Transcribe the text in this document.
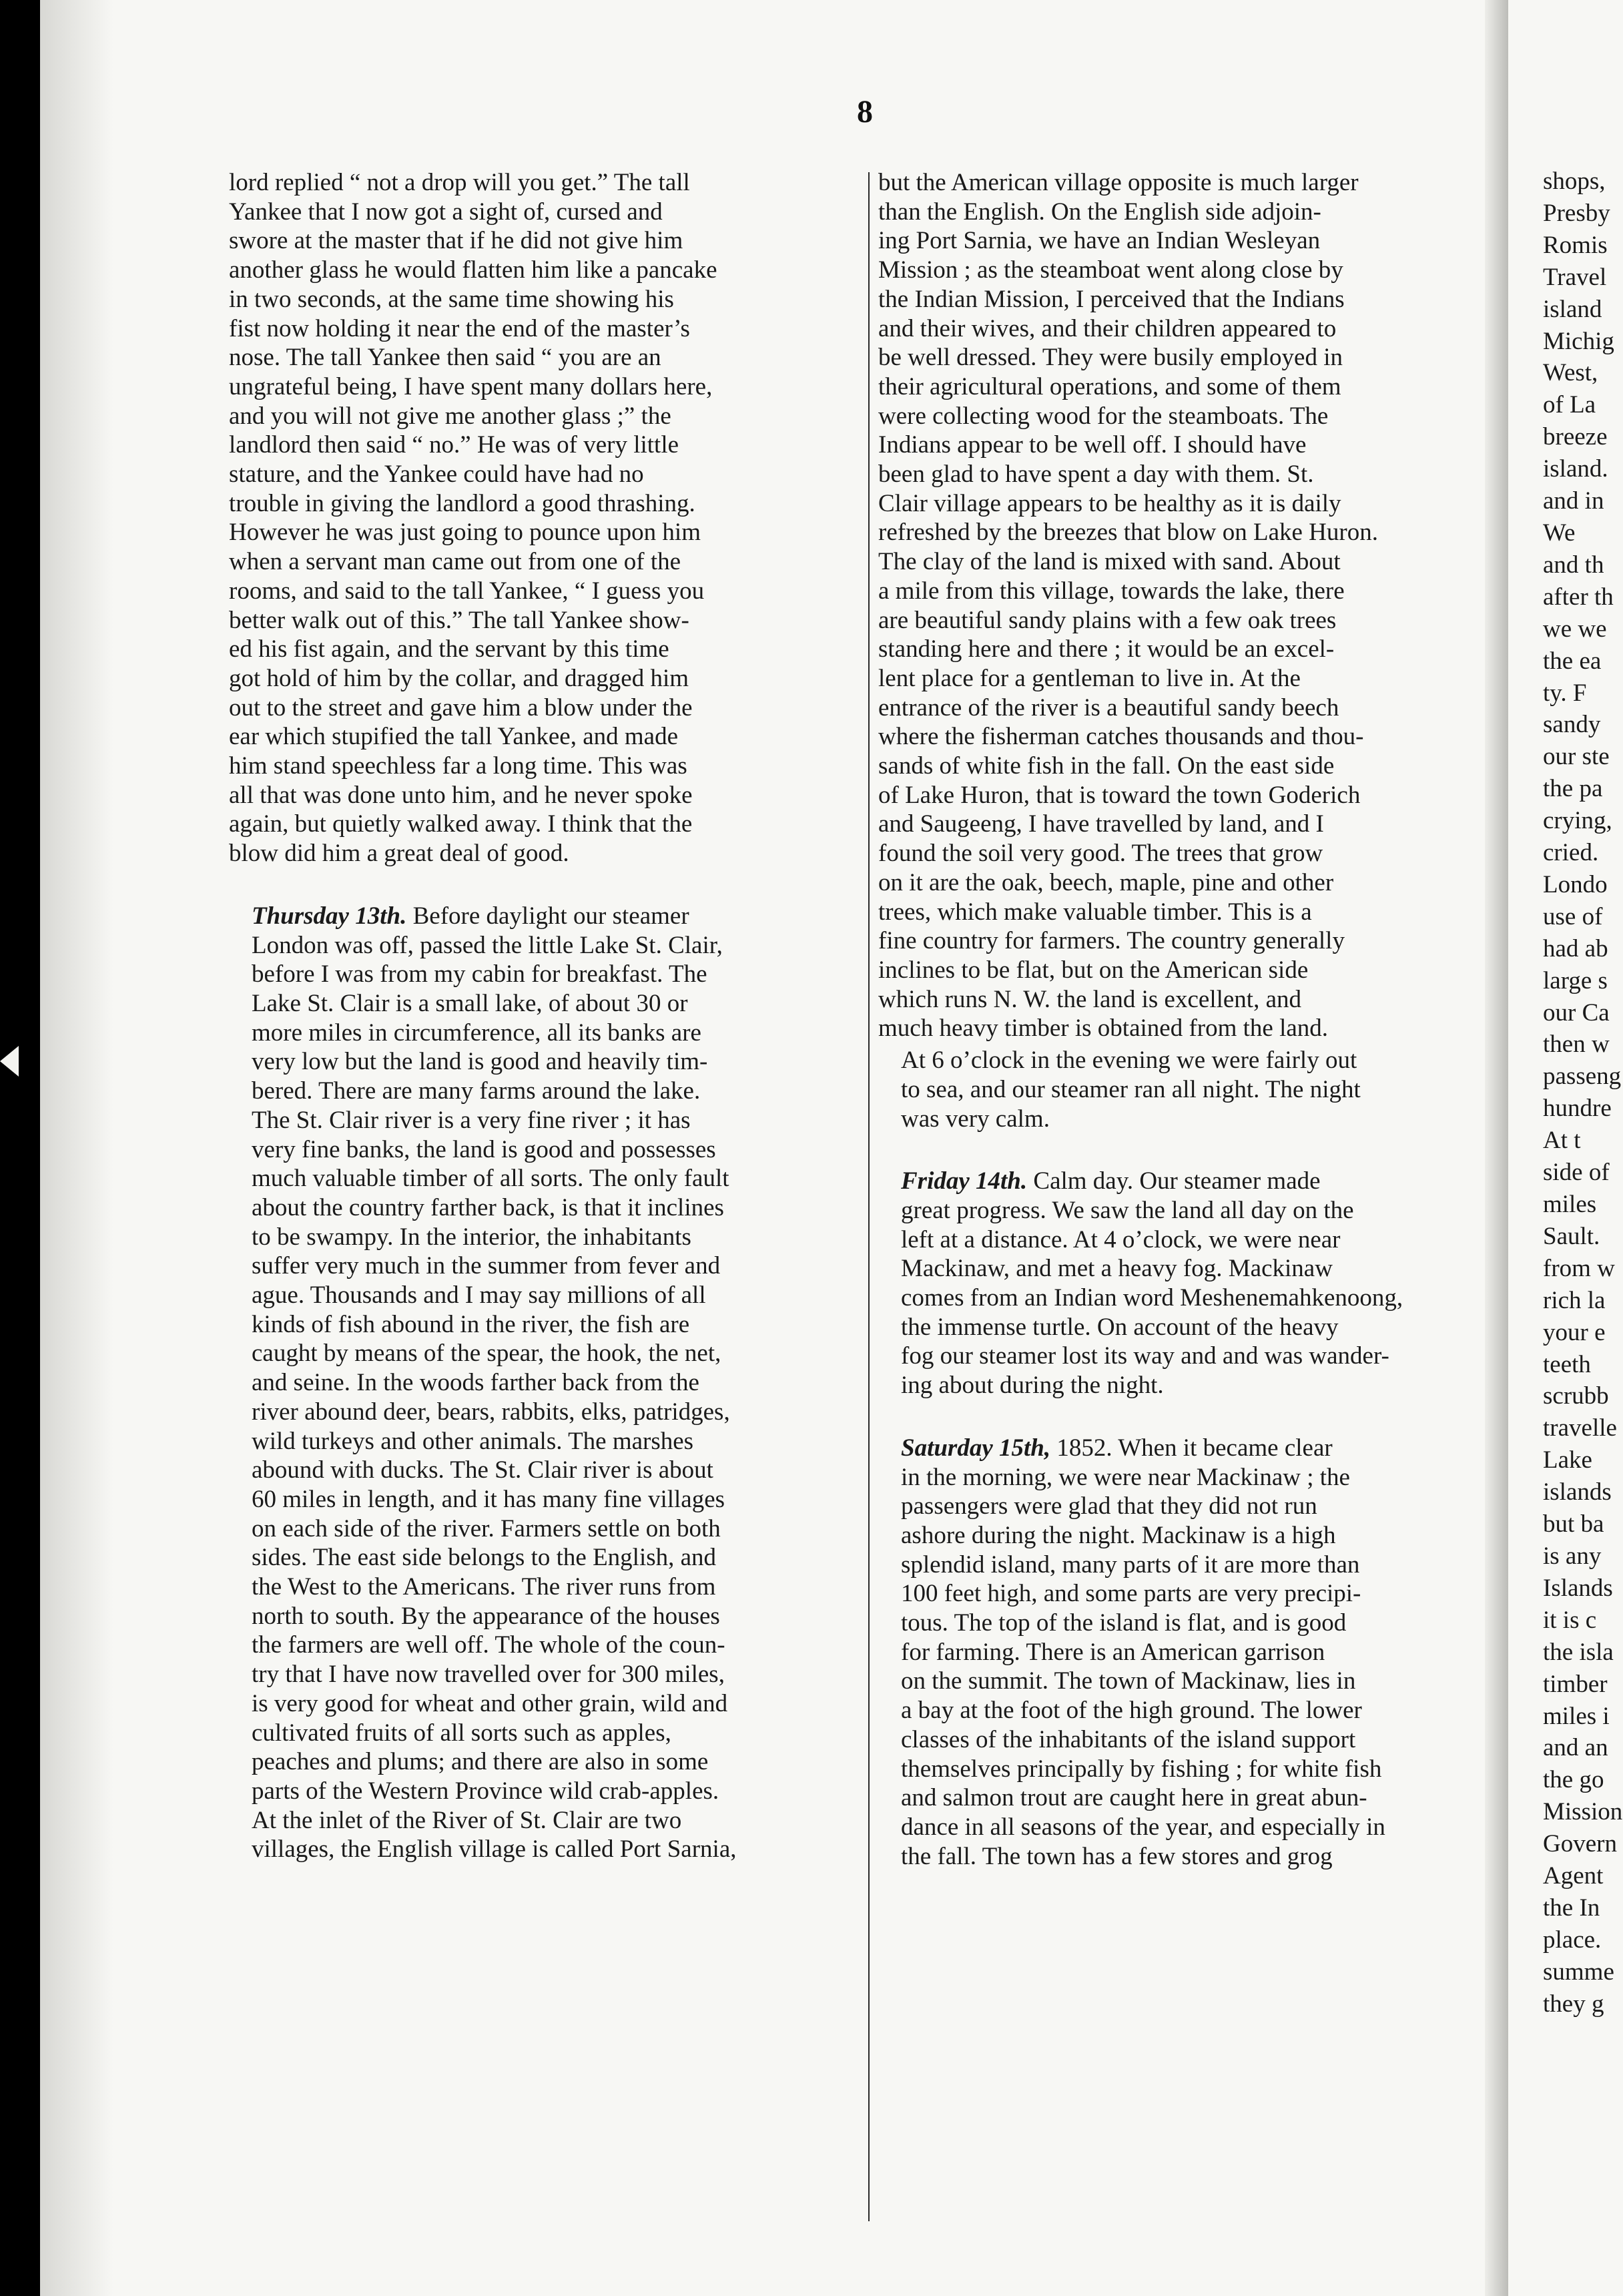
8

lord replied “ not a drop will you get.” The tall
Yankee that I now got a sight of, cursed and
swore at the master that if he did not give him
another glass he would flatten him like a pancake
in two seconds, at the same time showing his
fist now holding it near the end of the master’s
nose. The tall Yankee then said “ you are an
ungrateful being, I have spent many dollars here,
and you will not give me another glass ;” the
landlord then said “ no.” He was of very little
stature, and the Yankee could have had no
trouble in giving the landlord a good thrashing.
However he was just going to pounce upon him
when a servant man came out from one of the
rooms, and said to the tall Yankee, “ I guess you
better walk out of this.” The tall Yankee show-
ed his fist again, and the servant by this time
got hold of him by the collar, and dragged him
out to the street and gave him a blow under the
ear which stupified the tall Yankee, and made
him stand speechless far a long time. This was
all that was done unto him, and he never spoke
again, but quietly walked away. I think that the
blow did him a great deal of good.

Thursday 13th. Before daylight our steamer
London was off, passed the little Lake St. Clair,
before I was from my cabin for breakfast. The
Lake St. Clair is a small lake, of about 30 or
more miles in circumference, all its banks are
very low but the land is good and heavily tim-
bered. There are many farms around the lake.
The St. Clair river is a very fine river ; it has
very fine banks, the land is good and possesses
much valuable timber of all sorts. The only fault
about the country farther back, is that it inclines
to be swampy. In the interior, the inhabitants
suffer very much in the summer from fever and
ague. Thousands and I may say millions of all
kinds of fish abound in the river, the fish are
caught by means of the spear, the hook, the net,
and seine. In the woods farther back from the
river abound deer, bears, rabbits, elks, patridges,
wild turkeys and other animals. The marshes
abound with ducks. The St. Clair river is about
60 miles in length, and it has many fine villages
on each side of the river. Farmers settle on both
sides. The east side belongs to the English, and
the West to the Americans. The river runs from
north to south. By the appearance of the houses
the farmers are well off. The whole of the coun-
try that I have now travelled over for 300 miles,
is very good for wheat and other grain, wild and
cultivated fruits of all sorts such as apples,
peaches and plums; and there are also in some
parts of the Western Province wild crab-apples.
At the inlet of the River of St. Clair are two
villages, the English village is called Port Sarnia,

but the American village opposite is much larger
than the English. On the English side adjoin-
ing Port Sarnia, we have an Indian Wesleyan
Mission ; as the steamboat went along close by
the Indian Mission, I perceived that the Indians
and their wives, and their children appeared to
be well dressed. They were busily employed in
their agricultural operations, and some of them
were collecting wood for the steamboats. The
Indians appear to be well off. I should have
been glad to have spent a day with them. St.
Clair village appears to be healthy as it is daily
refreshed by the breezes that blow on Lake Huron.
The clay of the land is mixed with sand. About
a mile from this village, towards the lake, there
are beautiful sandy plains with a few oak trees
standing here and there ; it would be an excel-
lent place for a gentleman to live in. At the
entrance of the river is a beautiful sandy beech
where the fisherman catches thousands and thou-
sands of white fish in the fall. On the east side
of Lake Huron, that is toward the town Goderich
and Saugeeng, I have travelled by land, and I
found the soil very good. The trees that grow
on it are the oak, beech, maple, pine and other
trees, which make valuable timber. This is a
fine country for farmers. The country generally
inclines to be flat, but on the American side
which runs N. W. the land is excellent, and
much heavy timber is obtained from the land.

At 6 o’clock in the evening we were fairly out
to sea, and our steamer ran all night. The night
was very calm.

Friday 14th. Calm day. Our steamer made
great progress. We saw the land all day on the
left at a distance. At 4 o’clock, we were near
Mackinaw, and met a heavy fog. Mackinaw
comes from an Indian word Meshenemahkenoong,
the immense turtle. On account of the heavy
fog our steamer lost its way and and was wander-
ing about during the night.

Saturday 15th, 1852. When it became clear
in the morning, we were near Mackinaw ; the
passengers were glad that they did not run
ashore during the night. Mackinaw is a high
splendid island, many parts of it are more than
100 feet high, and some parts are very precipi-
tous. The top of the island is flat, and is good
for farming. There is an American garrison
on the summit. The town of Mackinaw, lies in
a bay at the foot of the high ground. The lower
classes of the inhabitants of the island support
themselves principally by fishing ; for white fish
and salmon trout are caught here in great abun-
dance in all seasons of the year, and especially in
the fall. The town has a few stores and grog

shops,
Presby
Romis
Travel
island
Michig
West,
of La
breeze
island.
and in
We
and th
after th
we we
the ea
ty. F
sandy
our ste
the pa
crying,
cried.
Londo
use of
had ab
large s
our Ca
then w
passeng
hundre
At t
side of
miles
Sault.
from w
rich la
your e
teeth
scrubb
travelle
Lake
islands
but ba
is any
Islands
it is c
the isla
timber
miles i
and an
the go
Mission
Govern
Agent
the In
place.
summe
they g
